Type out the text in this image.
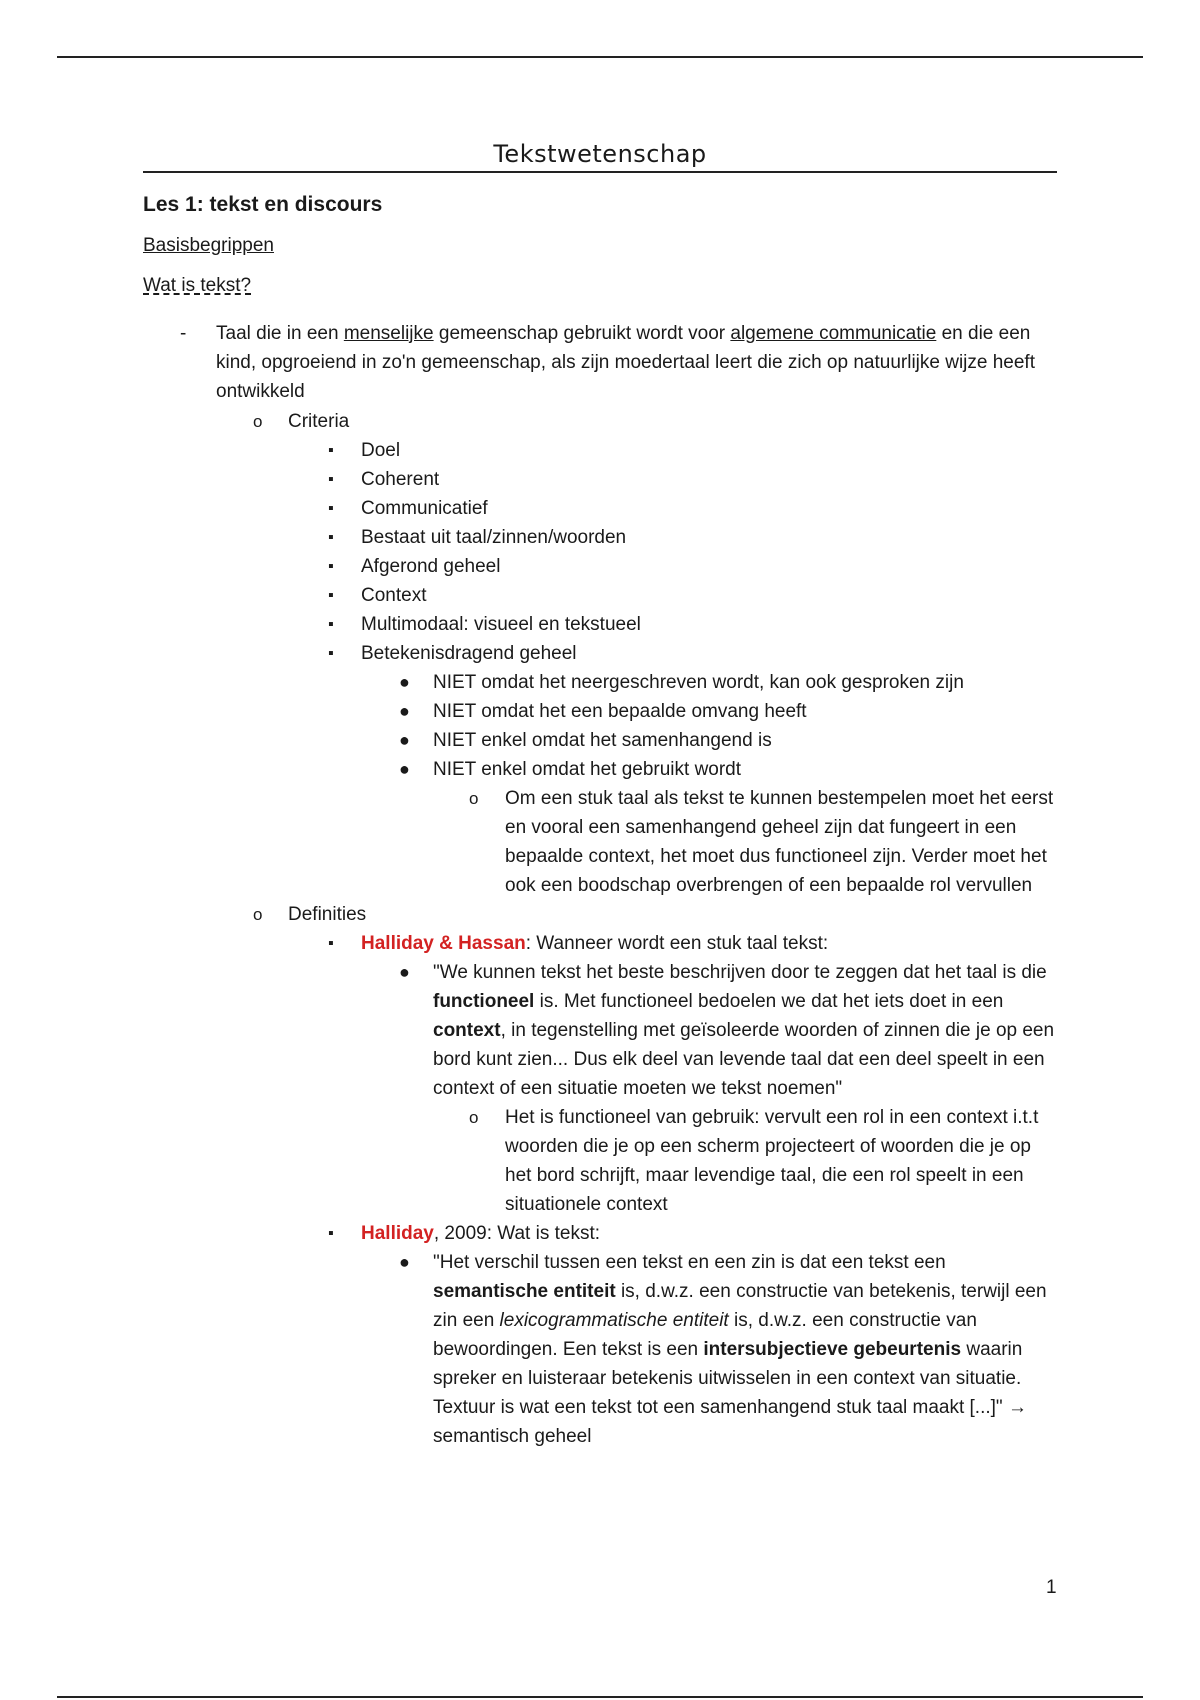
Tekstwetenschap
Les 1: tekst en discours
Basisbegrippen
Wat is tekst?
- Taal die in een menselijke gemeenschap gebruikt wordt voor algemene communicatie en die een kind, opgroeiend in zo'n gemeenschap, als zijn moedertaal leert die zich op natuurlijke wijze heeft ontwikkeld
o Criteria
▪ Doel
▪ Coherent
▪ Communicatief
▪ Bestaat uit taal/zinnen/woorden
▪ Afgerond geheel
▪ Context
▪ Multimodaal: visueel en tekstueel
▪ Betekenisdragend geheel
● NIET omdat het neergeschreven wordt, kan ook gesproken zijn
● NIET omdat het een bepaalde omvang heeft
● NIET enkel omdat het samenhangend is
● NIET enkel omdat het gebruikt wordt
o Om een stuk taal als tekst te kunnen bestempelen moet het eerst en vooral een samenhangend geheel zijn dat fungeert in een bepaalde context, het moet dus functioneel zijn. Verder moet het ook een boodschap overbrengen of een bepaalde rol vervullen
o Definities
▪ Halliday & Hassan: Wanneer wordt een stuk taal tekst:
● "We kunnen tekst het beste beschrijven door te zeggen dat het taal is die functioneel is. Met functioneel bedoelen we dat het iets doet in een context, in tegenstelling met geïsoleerde woorden of zinnen die je op een bord kunt zien... Dus elk deel van levende taal dat een deel speelt in een context of een situatie moeten we tekst noemen"
o Het is functioneel van gebruik: vervult een rol in een context i.t.t woorden die je op een scherm projecteert of woorden die je op het bord schrijft, maar levendige taal, die een rol speelt in een situationele context
▪ Halliday, 2009: Wat is tekst:
● "Het verschil tussen een tekst en een zin is dat een tekst een semantische entiteit is, d.w.z. een constructie van betekenis, terwijl een zin een lexicogrammatische entiteit is, d.w.z. een constructie van bewoordingen. Een tekst is een intersubjectieve gebeurtenis waarin spreker en luisteraar betekenis uitwisselen in een context van situatie. Textuur is wat een tekst tot een samenhangend stuk taal maakt [...]" → semantisch geheel
1
